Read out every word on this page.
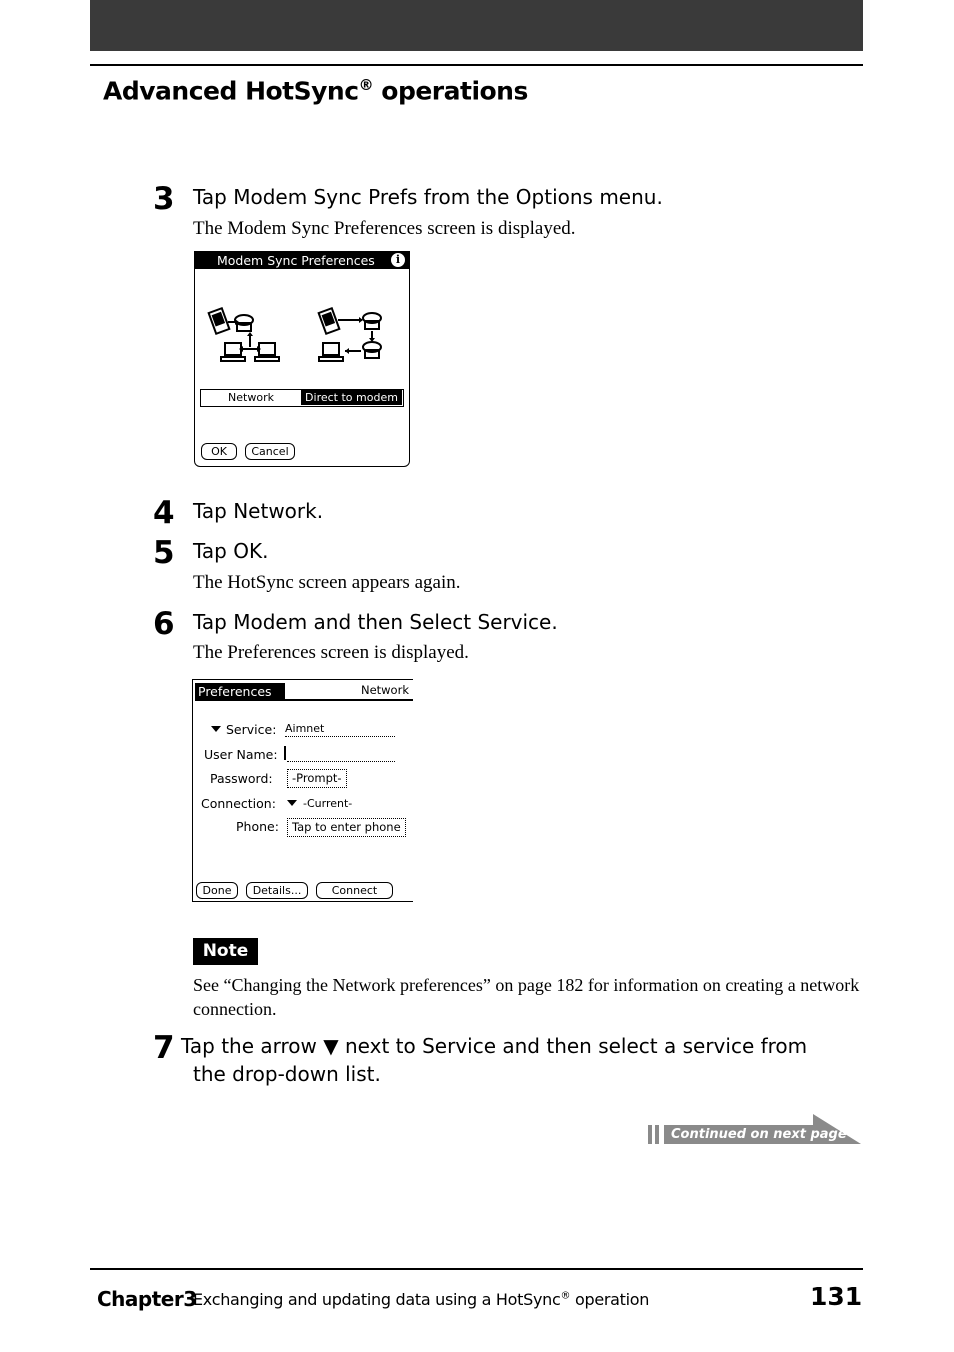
Advanced HotSync® operations
3 Tap Modem Sync Prefs from the Options menu.
The Modem Sync Preferences screen is displayed.
Modem Sync Preferences	i
Network	Direct to modem
OK	Cancel
4 Tap Network.
5 Tap OK.
The HotSync screen appears again.
6 Tap Modem and then Select Service.
The Preferences screen is displayed.
Preferences	Network
Service: Aimnet
User Name:
Password:	-Prompt-
Connection: -Current-
Phone:	Tap to enter phone
Done	Details...	Connect
Note
See “Changing the Network preferences” on page 182 for information on creating a network connection.
7 Tap the arrow ▼ next to Service and then select a service from
the drop-down list.
Continued on next page
Chapter3
Exchanging and updating data using a HotSync® operation	131
